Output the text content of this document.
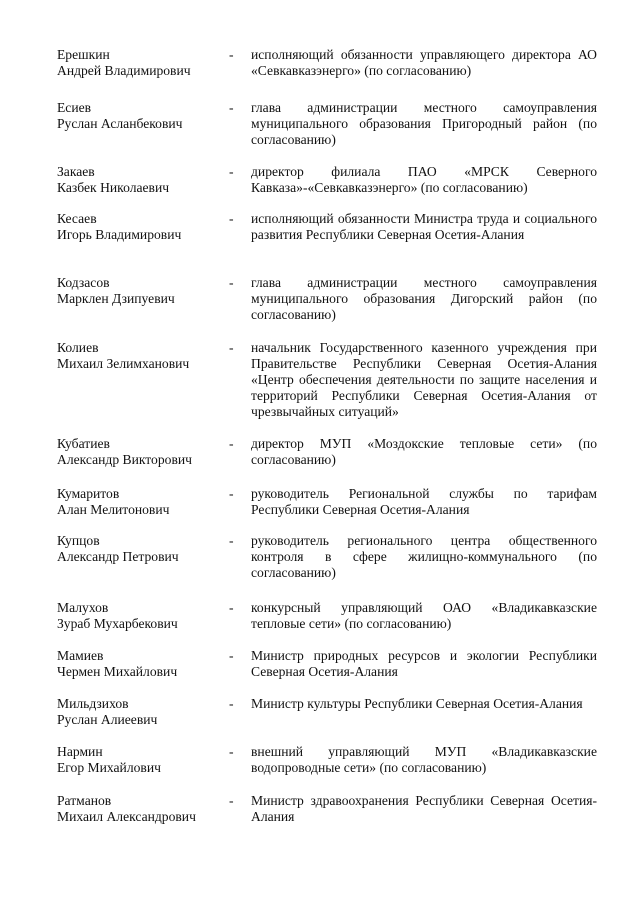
Ерешкин
Андрей Владимирович
- исполняющий обязанности управляющего директора АО «Севкавказэнерго» (по согласованию)
Есиев
Руслан Асланбекович
- глава администрации местного самоуправления муниципального образования Пригородный район (по согласованию)
Закаев
Казбек Николаевич
- директор филиала ПАО «МРСК Северного Кавказа»-«Севкавказэнерго» (по согласованию)
Кесаев
Игорь Владимирович
- исполняющий обязанности Министра труда и социального развития Республики Северная Осетия-Алания
Кодзасов
Марклен Дзипуевич
- глава администрации местного самоуправления муниципального образования Дигорский район (по согласованию)
Колиев
Михаил Зелимханович
- начальник Государственного казенного учреждения при Правительстве Республики Северная Осетия-Алания «Центр обеспечения деятельности по защите населения и территорий Республики Северная Осетия-Алания от чрезвычайных ситуаций»
Кубатиев
Александр Викторович
- директор МУП «Моздокские тепловые сети» (по согласованию)
Кумаритов
Алан Мелитонович
- руководитель Региональной службы по тарифам Республики Северная Осетия-Алания
Купцов
Александр Петрович
- руководитель регионального центра общественного контроля в сфере жилищно-коммунального (по согласованию)
Малухов
Зураб Мухарбекович
- конкурсный управляющий ОАО «Владикавказские тепловые сети» (по согласованию)
Мамиев
Чермен Михайлович
- Министр природных ресурсов и экологии Республики Северная Осетия-Алания
Мильдзихов
Руслан Алиеевич
- Министр культуры Республики Северная Осетия-Алания
Нармин
Егор Михайлович
- внешний управляющий МУП «Владикавказские водопроводные сети» (по согласованию)
Ратманов
Михаил Александрович
- Министр здравоохранения Республики Северная Осетия-Алания
